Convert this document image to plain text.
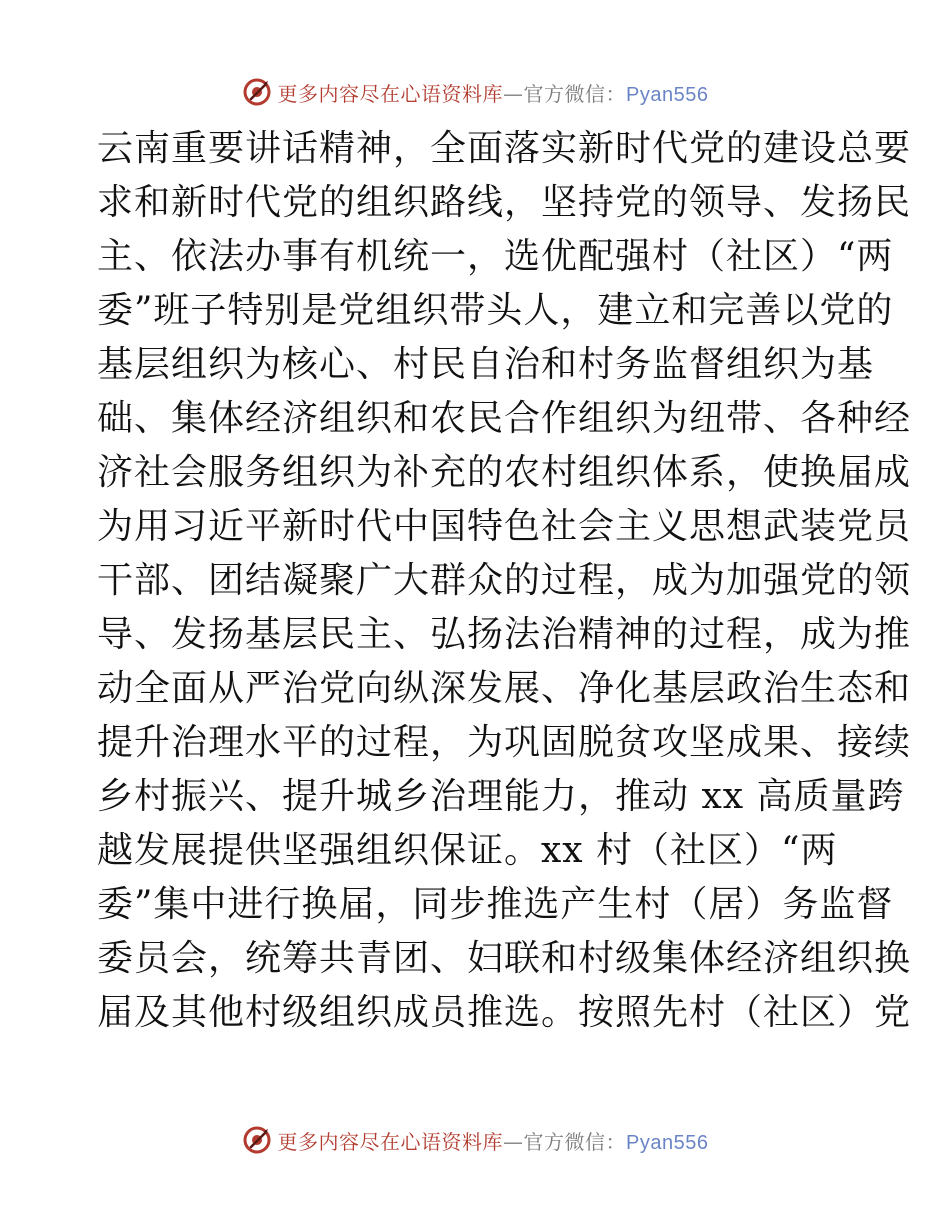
更多内容尽在心语资料库—官方微信：Pyan556
云南重要讲话精神，全面落实新时代党的建设总要
求和新时代党的组织路线，坚持党的领导、发扬民
主、依法办事有机统一，选优配强村（社区）“两
委”班子特别是党组织带头人，建立和完善以党的
基层组织为核心、村民自治和村务监督组织为基
础、集体经济组织和农民合作组织为纽带、各种经
济社会服务组织为补充的农村组织体系，使换届成
为用习近平新时代中国特色社会主义思想武装党员
干部、团结凝聚广大群众的过程，成为加强党的领
导、发扬基层民主、弘扬法治精神的过程，成为推
动全面从严治党向纵深发展、净化基层政治生态和
提升治理水平的过程，为巩固脱贫攻坚成果、接续
乡村振兴、提升城乡治理能力，推动 xx 高质量跨
越发展提供坚强组织保证。xx 村（社区）“两
委”集中进行换届，同步推选产生村（居）务监督
委员会，统筹共青团、妇联和村级集体经济组织换
届及其他村级组织成员推选。按照先村（社区）党
更多内容尽在心语资料库—官方微信：Pyan556
